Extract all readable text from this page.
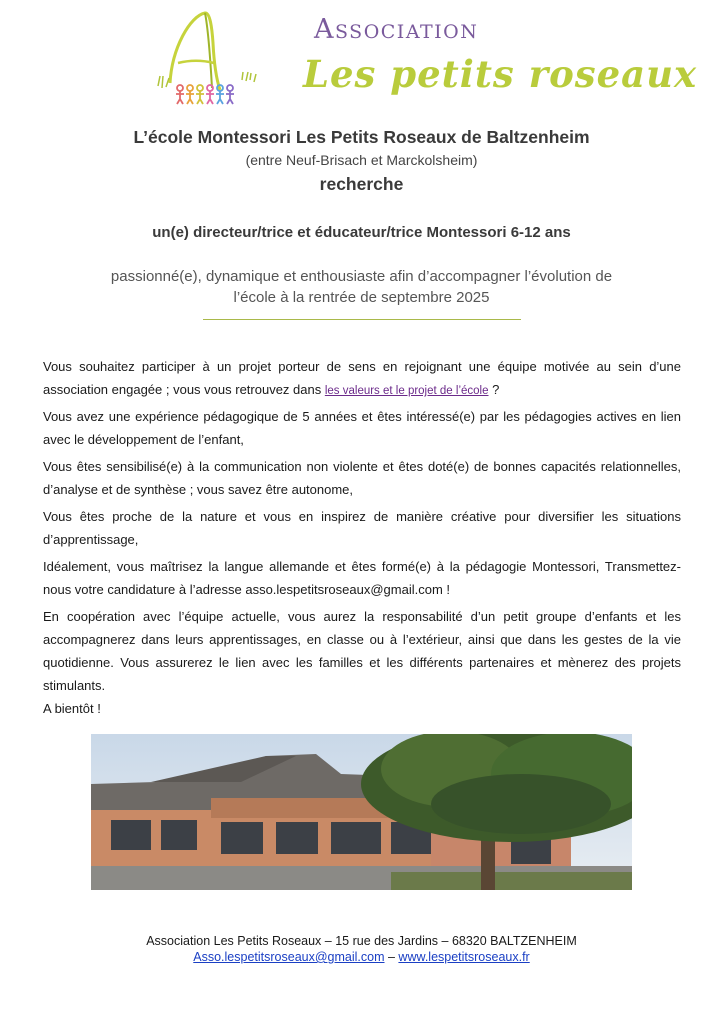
Association
Les petits roseaux
L’école Montessori Les Petits Roseaux de Baltzenheim
(entre Neuf-Brisach et Marckolsheim)
recherche
un(e) directeur/trice et éducateur/trice Montessori 6-12 ans
passionné(e), dynamique et enthousiaste afin d’accompagner l’évolution de
l’école à la rentrée de septembre 2025

Vous souhaitez participer à un projet porteur de sens en rejoignant une équipe motivée au sein d’une association engagée ; vous vous retrouvez dans les valeurs et le projet de l’école ?

Vous avez une expérience pédagogique de 5 années et êtes intéressé(e) par les pédagogies actives en lien avec le développement de l’enfant,

Vous êtes sensibilisé(e) à la communication non violente et êtes doté(e) de bonnes capacités relationnelles, d’analyse et de synthèse ; vous savez être autonome,

Vous êtes proche de la nature et vous en inspirez de manière créative pour diversifier les situations d’apprentissage,

Idéalement, vous maîtrisez la langue allemande et êtes formé(e) à la pédagogie Montessori, Transmettez-nous votre candidature à l’adresse asso.lespetitsroseaux@gmail.com !

En coopération avec l’équipe actuelle, vous aurez la responsabilité d’un petit groupe d’enfants et les accompagnerez dans leurs apprentissages, en classe ou à l’extérieur, ainsi que dans les gestes de la vie quotidienne. Vous assurerez le lien avec les familles et les différents partenaires et mènerez des projets stimulants.

A bientôt !

Association Les Petits Roseaux – 15 rue des Jardins – 68320 BALTZENHEIM
Asso.lespetitsroseaux@gmail.com – www.lespetitsroseaux.fr
